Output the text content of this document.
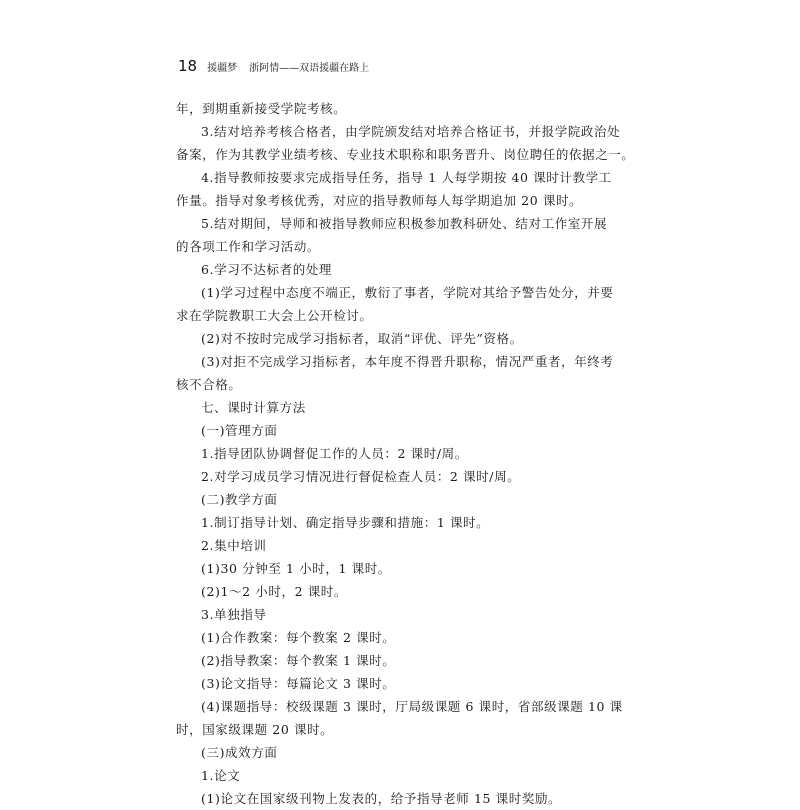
18 援疆梦 浙阿情——双语援疆在路上
年，到期重新接受学院考核。
3.结对培养考核合格者，由学院颁发结对培养合格证书，并报学院政治处
备案，作为其教学业绩考核、专业技术职称和职务晋升、岗位聘任的依据之一。
4.指导教师按要求完成指导任务，指导 1 人每学期按 40 课时计教学工
作量。指导对象考核优秀，对应的指导教师每人每学期追加 20 课时。
5.结对期间，导师和被指导教师应积极参加教科研处、结对工作室开展
的各项工作和学习活动。
6.学习不达标者的处理
(1)学习过程中态度不端正，敷衍了事者，学院对其给予警告处分，并要
求在学院教职工大会上公开检讨。
(2)对不按时完成学习指标者，取消“评优、评先”资格。
(3)对拒不完成学习指标者，本年度不得晋升职称，情况严重者，年终考
核不合格。
七、课时计算方法
(一)管理方面
1.指导团队协调督促工作的人员：2 课时/周。
2.对学习成员学习情况进行督促检查人员：2 课时/周。
(二)教学方面
1.制订指导计划、确定指导步骤和措施：1 课时。
2.集中培训
(1)30 分钟至 1 小时，1 课时。
(2)1～2 小时，2 课时。
3.单独指导
(1)合作教案：每个教案 2 课时。
(2)指导教案：每个教案 1 课时。
(3)论文指导：每篇论文 3 课时。
(4)课题指导：校级课题 3 课时，厅局级课题 6 课时，省部级课题 10 课
时，国家级课题 20 课时。
(三)成效方面
1.论文
(1)论文在国家级刊物上发表的，给予指导老师 15 课时奖励。
